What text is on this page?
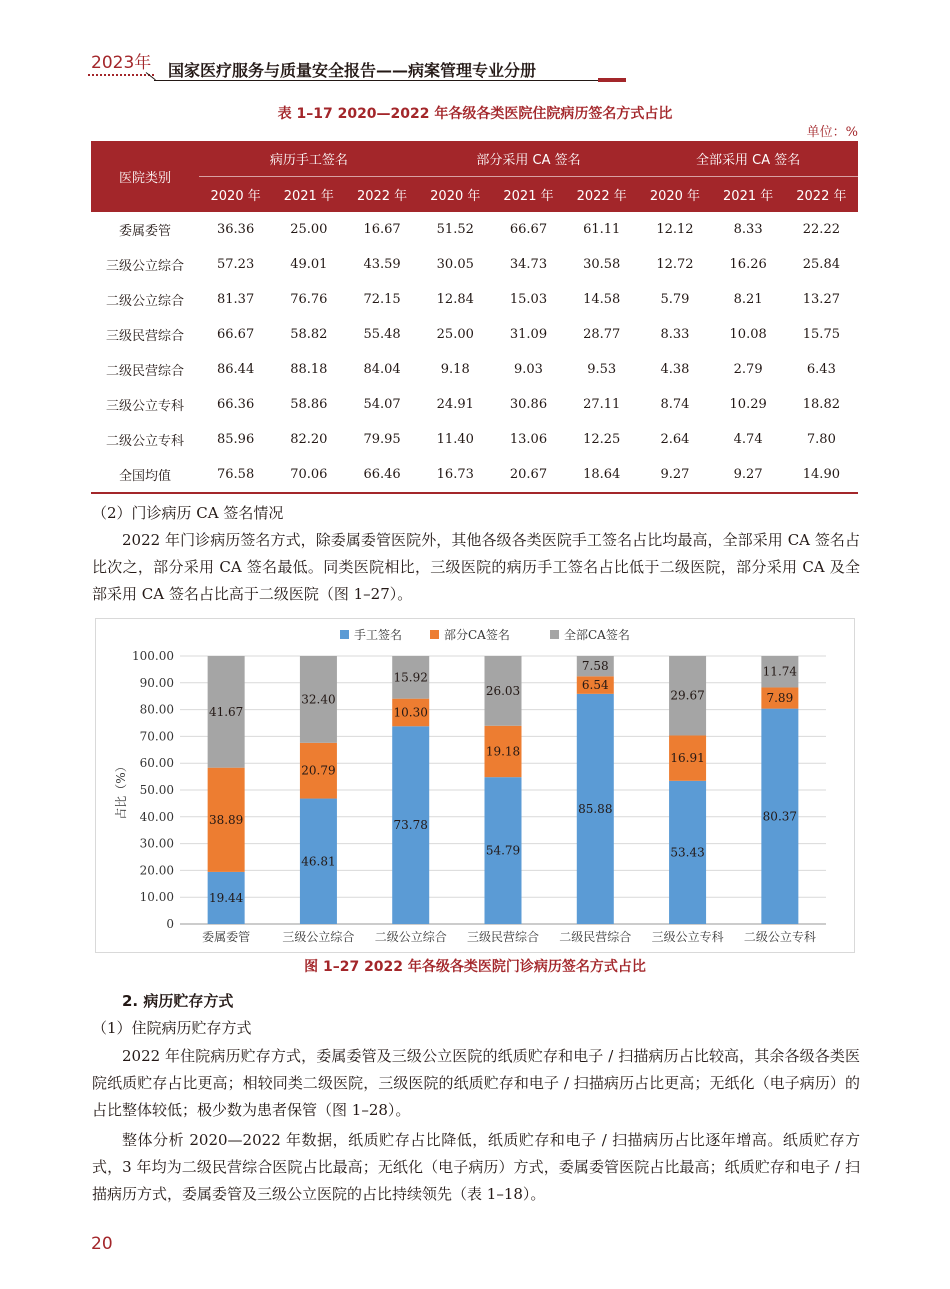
2023年 国家医疗服务与质量安全报告——病案管理专业分册
表 1–17 2020—2022 年各级各类医院住院病历签名方式占比
单位：%
医院类别	病历手工签名			部分采用 CA 签名			全部采用 CA 签名		
	2020 年	2021 年	2022 年	2020 年	2021 年	2022 年	2020 年	2021 年	2022 年
委属委管	36.36	25.00	16.67	51.52	66.67	61.11	12.12	8.33	22.22
三级公立综合	57.23	49.01	43.59	30.05	34.73	30.58	12.72	16.26	25.84
二级公立综合	81.37	76.76	72.15	12.84	15.03	14.58	5.79	8.21	13.27
三级民营综合	66.67	58.82	55.48	25.00	31.09	28.77	8.33	10.08	15.75
二级民营综合	86.44	88.18	84.04	9.18	9.03	9.53	4.38	2.79	6.43
三级公立专科	66.36	58.86	54.07	24.91	30.86	27.11	8.74	10.29	18.82
二级公立专科	85.96	82.20	79.95	11.40	13.06	12.25	2.64	4.74	7.80
全国均值	76.58	70.06	66.46	16.73	20.67	18.64	9.27	9.27	14.90
（2）门诊病历 CA 签名情况
2022 年门诊病历签名方式，除委属委管医院外，其他各级各类医院手工签名占比均最高，全部采用 CA 签名占比次之，部分采用 CA 签名最低。同类医院相比，三级医院的病历手工签名占比低于二级医院，部分采用 CA 及全部采用 CA 签名占比高于二级医院（图 1–27）。
0
10.00
20.00
30.00
40.00
50.00
60.00
70.00
80.00
90.00
100.00
占比（%）
手工签名	部分CA签名	全部CA签名
19.44
38.89
41.67
委属委管
46.81
20.79
32.40
三级公立综合
73.78
10.30
15.92
二级公立综合
54.79
19.18
26.03
三级民营综合
85.88
6.54
7.58
二级民营综合
53.43
16.91
29.67
三级公立专科
80.37
7.89
11.74
二级公立专科
图 1–27 2022 年各级各类医院门诊病历签名方式占比
2. 病历贮存方式
（1）住院病历贮存方式
2022 年住院病历贮存方式，委属委管及三级公立医院的纸质贮存和电子 / 扫描病历占比较高，其余各级各类医院纸质贮存占比更高；相较同类二级医院，三级医院的纸质贮存和电子 / 扫描病历占比更高；无纸化（电子病历）的占比整体较低；极少数为患者保管（图 1–28）。
整体分析 2020—2022 年数据，纸质贮存占比降低，纸质贮存和电子 / 扫描病历占比逐年增高。纸质贮存方式，3 年均为二级民营综合医院占比最高；无纸化（电子病历）方式，委属委管医院占比最高；纸质贮存和电子 / 扫描病历方式，委属委管及三级公立医院的占比持续领先（表 1–18）。
20
